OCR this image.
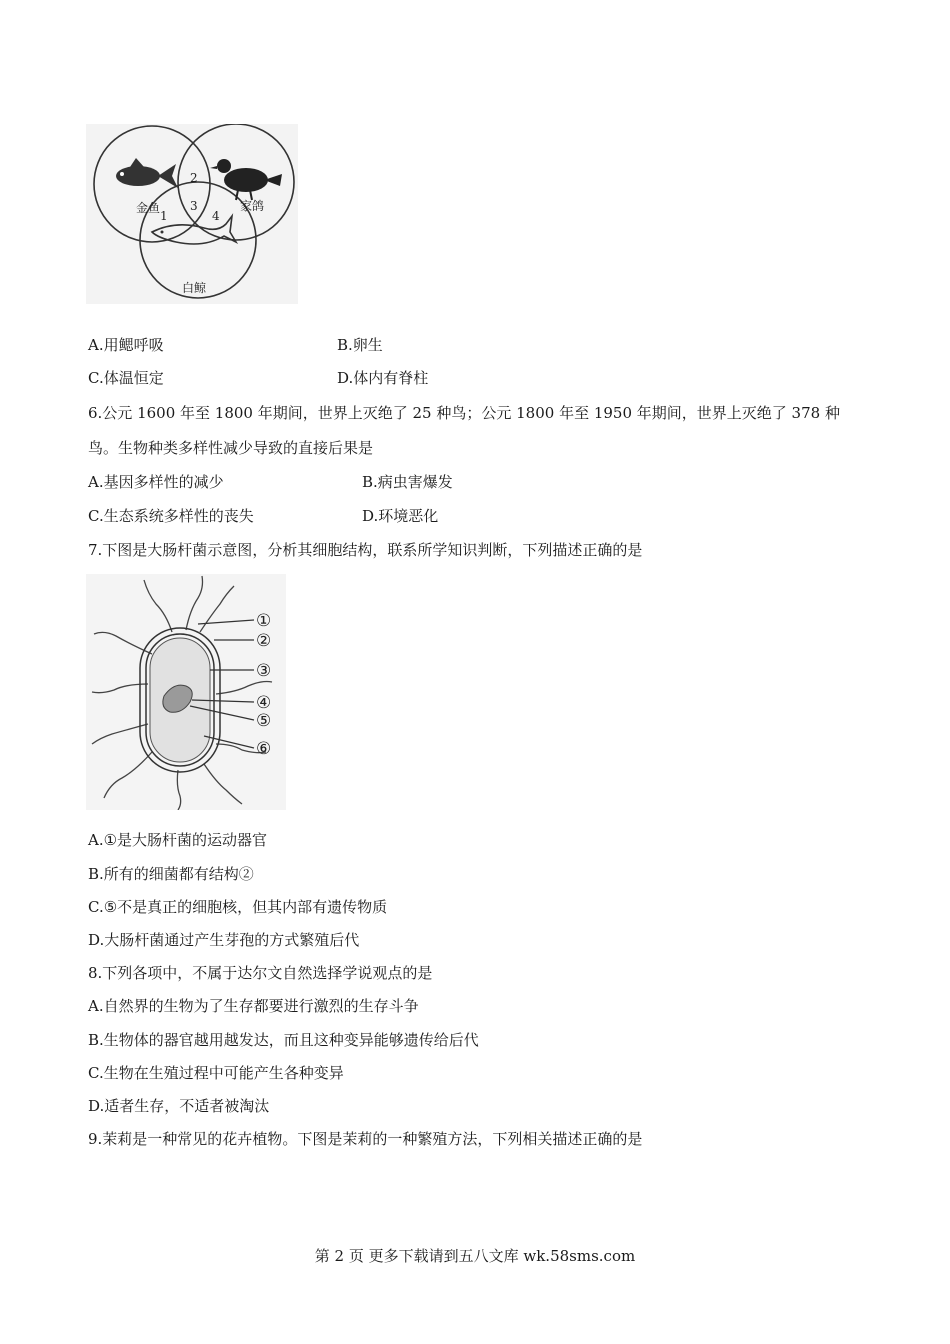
金鱼	家鸽
白鲸
1
2
3
4
A.用鳃呼吸	B.卵生
C.体温恒定	D.体内有脊柱
6.公元 1600 年至 1800 年期间，世界上灭绝了 25 种鸟；公元 1800 年至 1950 年期间，世界上灭绝了 378 种
鸟。生物种类多样性减少导致的直接后果是
A.基因多样性的减少	B.病虫害爆发
C.生态系统多样性的丧失	D.环境恶化
7.下图是大肠杆菌示意图，分析其细胞结构，联系所学知识判断，下列描述正确的是
①
②
③
④
⑤
⑥
A.①是大肠杆菌的运动器官
B.所有的细菌都有结构②
C.⑤不是真正的细胞核，但其内部有遗传物质
D.大肠杆菌通过产生芽孢的方式繁殖后代
8.下列各项中，不属于达尔文自然选择学说观点的是
A.自然界的生物为了生存都要进行激烈的生存斗争
B.生物体的器官越用越发达，而且这种变异能够遗传给后代
C.生物在生殖过程中可能产生各种变异
D.适者生存，不适者被淘汰
9.茉莉是一种常见的花卉植物。下图是茉莉的一种繁殖方法，下列相关描述正确的是
第 2 页 更多下载请到五八文库 wk.58sms.com
